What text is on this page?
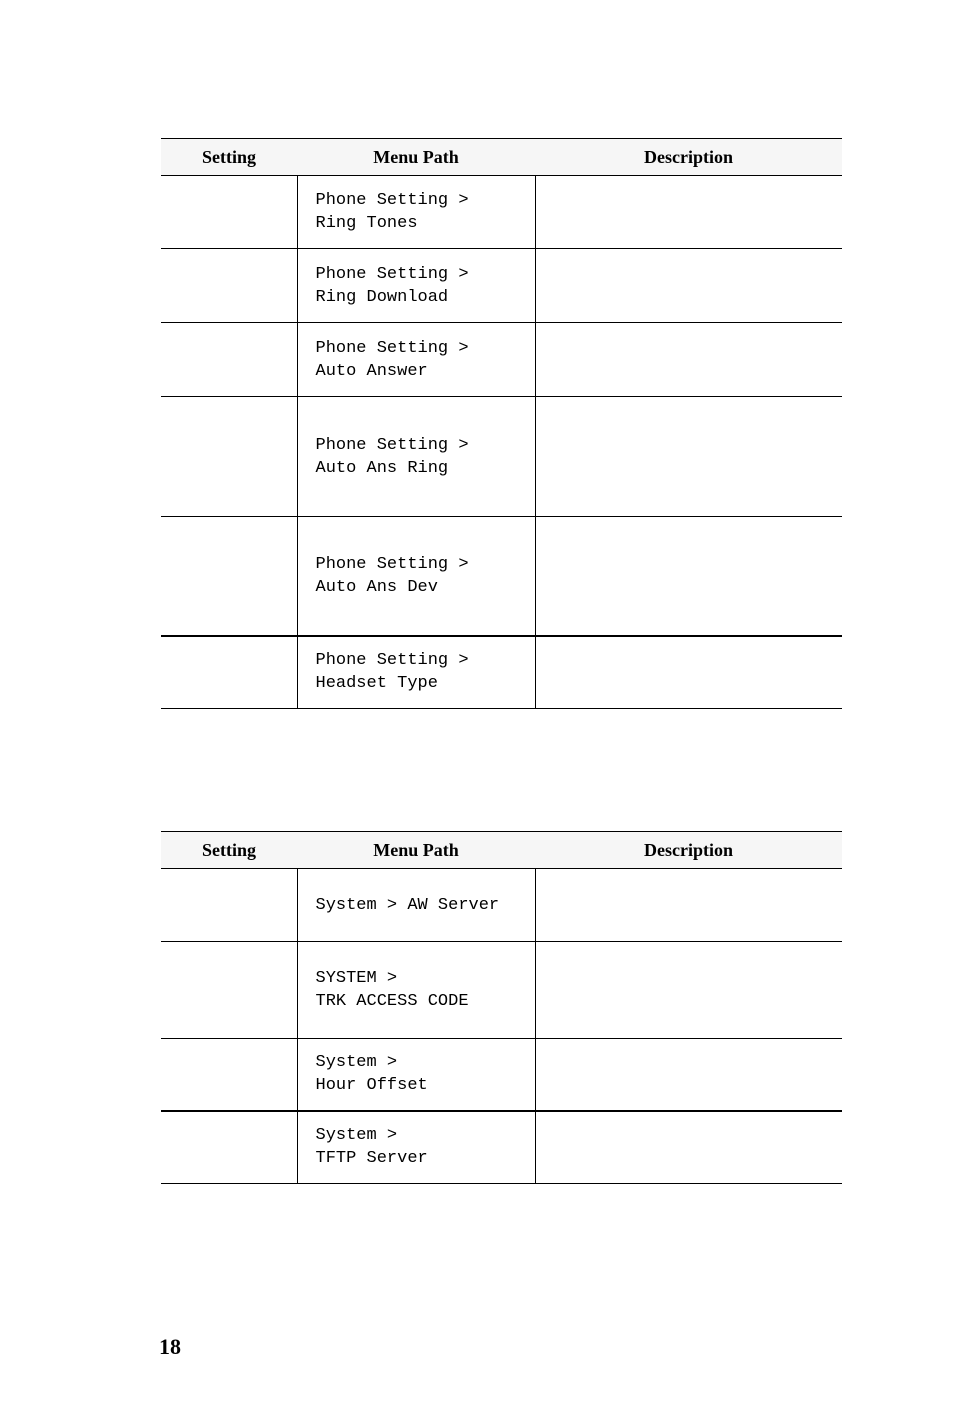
Setting	Menu Path	Description

	Phone Setting >
Ring Tones	

	Phone Setting >
Ring Download	

	Phone Setting >
Auto Answer	

	Phone Setting >
Auto Ans Ring	

	Phone Setting >
Auto Ans Dev	

	Phone Setting >
Headset Type	

Setting	Menu Path	Description

	System > AW Server	

	SYSTEM >
TRK ACCESS CODE	

	System >
Hour Offset	

	System >
TFTP Server	

18
